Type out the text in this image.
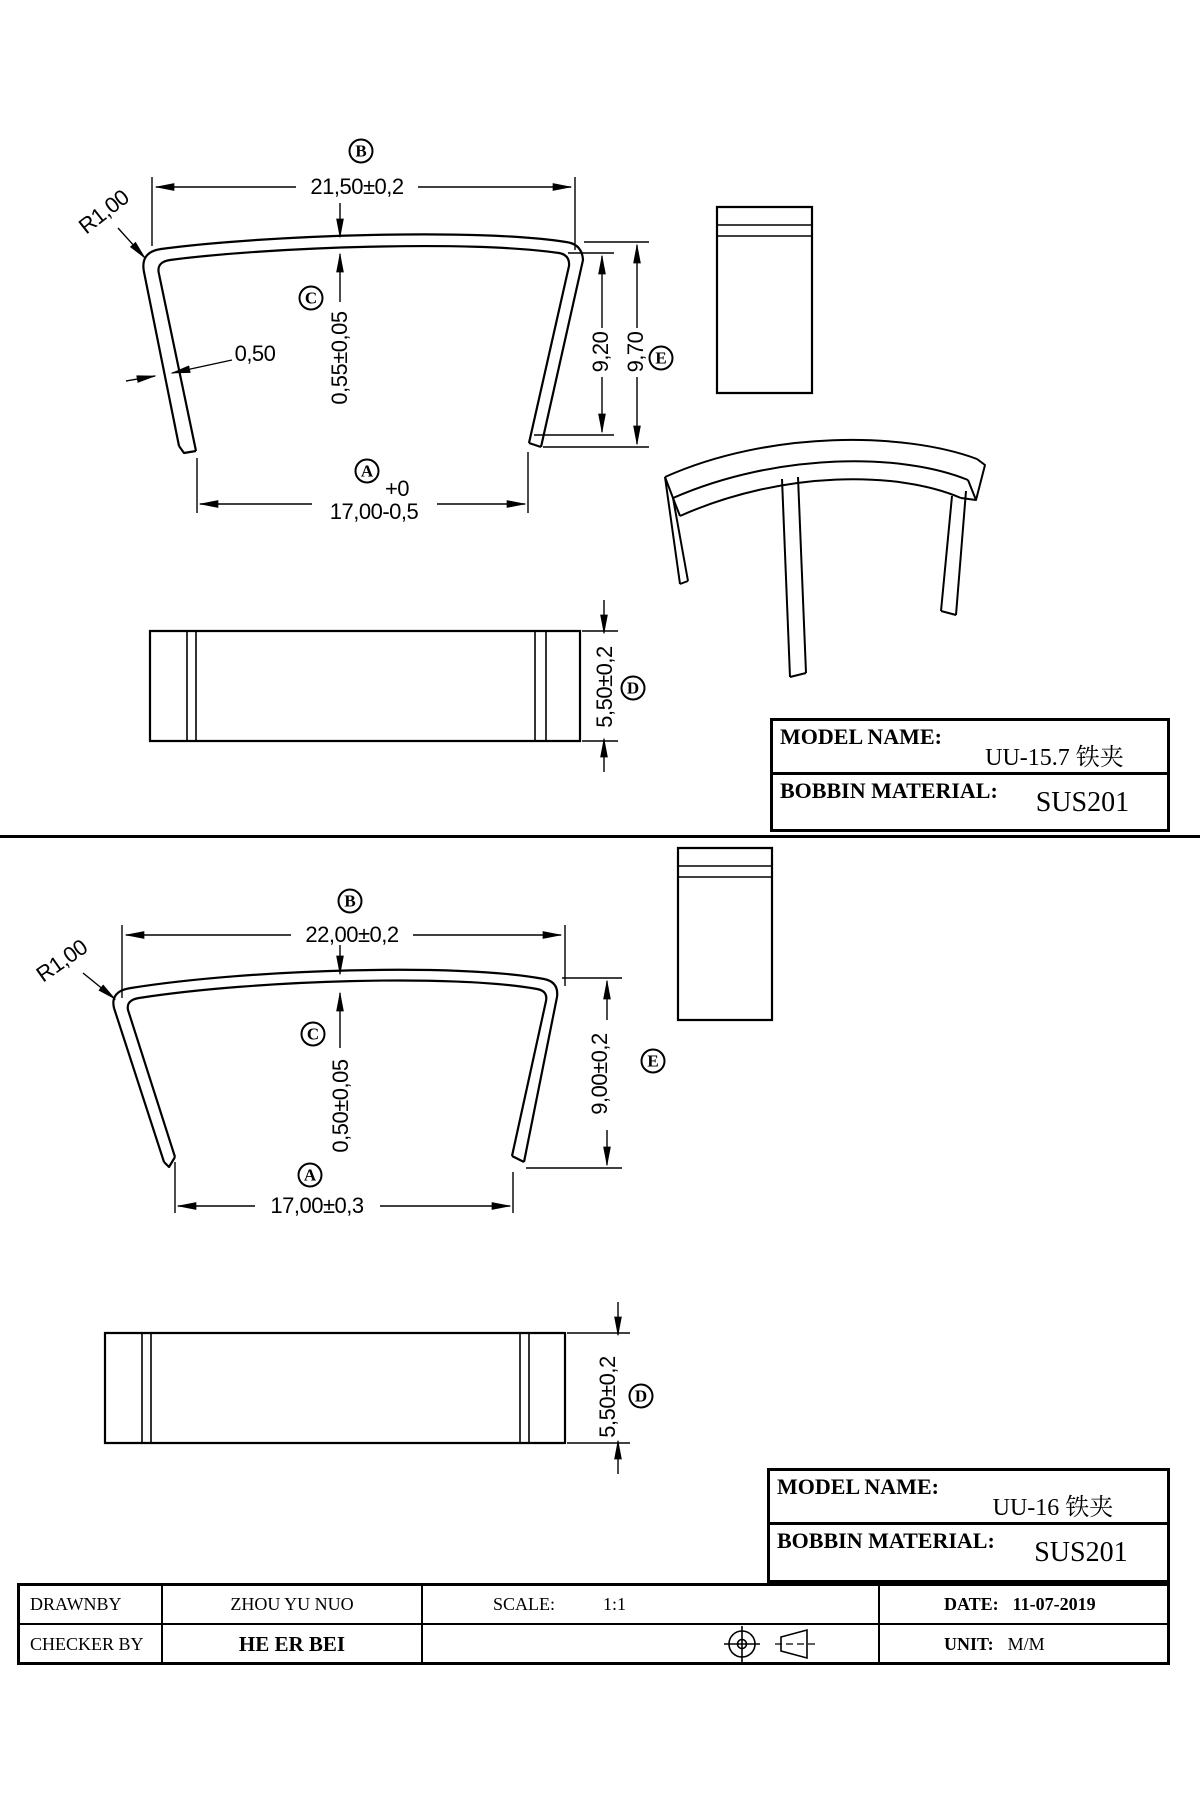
B
21,50±0,2
R1,00
C
0,55±0,05
0,50	9,20 9,70 E
A
+0
17,00-0,5
5,50±0,2 D
MODEL NAME:
UU-15.7 铁夹
BOBBIN MATERIAL:	SUS201
B
22,00±0,2
R1,00
C
0,50±0,05	9,00±0,2	E
A
17,00±0,3
5,50±0,2 D
MODEL NAME:
UU-16 铁夹
BOBBIN MATERIAL:	SUS201
DRAWNBY	ZHOU YU NUO	SCALE:	1:1	DATE: 11-07-2019
CHECKER BY	HE ER BEI	UNIT: M/M
